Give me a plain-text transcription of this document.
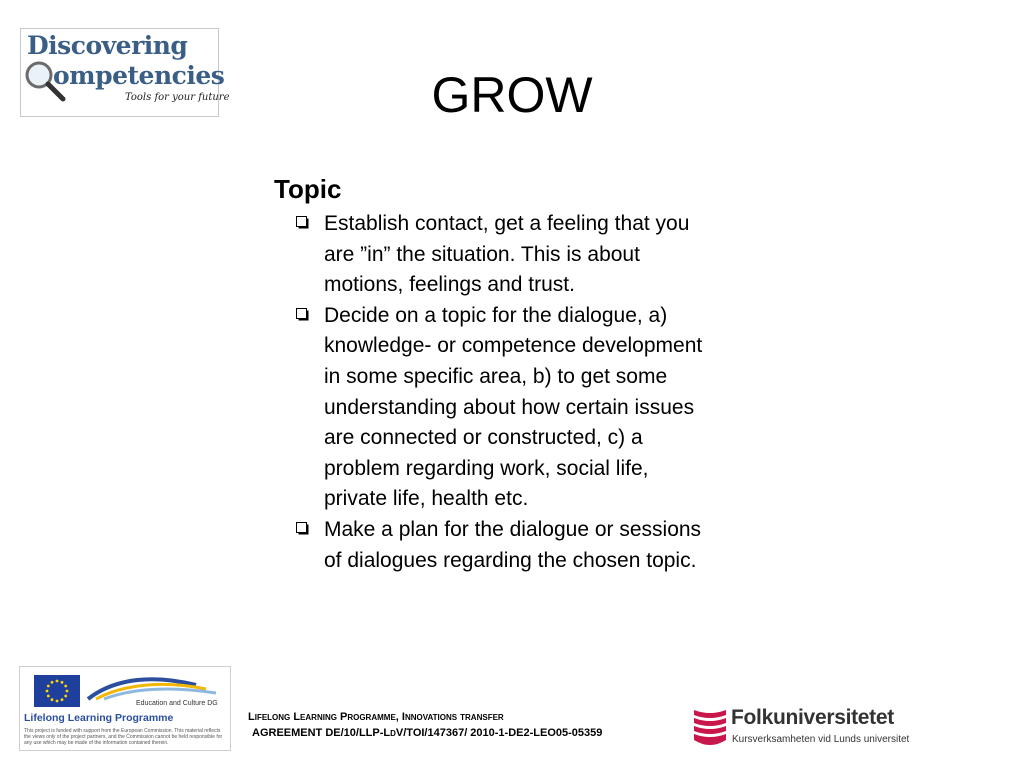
Discovering
ompetencies
Tools for your future	GROW
Topic
Establish contact, get a feeling that you are ”in” the situation. This is about motions, feelings and trust.
Decide on a topic for the dialogue, a) knowledge- or competence development in some specific area, b) to get some understanding about how certain issues are connected or constructed, c) a problem regarding work, social life, private life, health etc.
Make a plan for the dialogue or sessions of dialogues regarding the chosen topic.
Education and Culture DG
Lifelong Learning Programme
This project is funded with support from the European Commission. This material reflects the views only of the project partners, and the Commission cannot be held responsible for any use which may be made of the information contained therein.
Lifelong Learning Programme, Innovations transfer
AGREEMENT DE/10/LLP-LdV/TOI/147367/ 2010-1-DE2-LEO05-05359
Folkuniversitetet
Kursverksamheten vid Lunds universitet
